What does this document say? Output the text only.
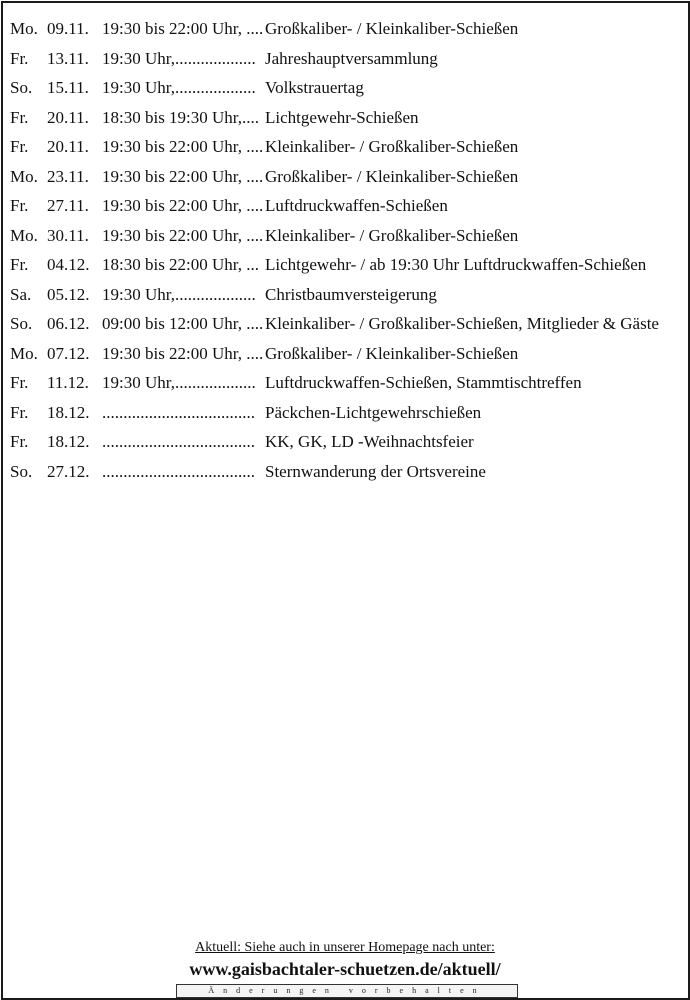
Mo. 09.11. 19:30 bis 22:00 Uhr, .... Großkaliber- / Kleinkaliber-Schießen
Fr. 13.11. 19:30 Uhr,................... Jahreshauptversammlung
So. 15.11. 19:30 Uhr,................... Volkstrauertag
Fr. 20.11. 18:30 bis 19:30 Uhr,.... Lichtgewehr-Schießen
Fr. 20.11. 19:30 bis 22:00 Uhr, .... Kleinkaliber- / Großkaliber-Schießen
Mo. 23.11. 19:30 bis 22:00 Uhr, .... Großkaliber- / Kleinkaliber-Schießen
Fr. 27.11. 19:30 bis 22:00 Uhr, .... Luftdruckwaffen-Schießen
Mo. 30.11. 19:30 bis 22:00 Uhr, .... Kleinkaliber- / Großkaliber-Schießen
Fr. 04.12. 18:30 bis 22:00 Uhr, ... Lichtgewehr- / ab 19:30 Uhr Luftdruckwaffen-Schießen
Sa. 05.12. 19:30 Uhr,................... Christbaumversteigerung
So. 06.12. 09:00 bis 12:00 Uhr, .... Kleinkaliber- / Großkaliber-Schießen, Mitglieder & Gäste
Mo. 07.12. 19:30 bis 22:00 Uhr, .... Großkaliber- / Kleinkaliber-Schießen
Fr. 11.12. 19:30 Uhr,................... Luftdruckwaffen-Schießen, Stammtischtreffen
Fr. 18.12. .................................... Päckchen-Lichtgewehrschießen
Fr. 18.12. .................................... KK, GK, LD -Weihnachtsfeier
So. 27.12. .................................... Sternwanderung der Ortsvereine
Aktuell: Siehe auch in unserer Homepage nach unter:
www.gaisbachtaler-schuetzen.de/aktuell/
Änderungen vorbehalten
